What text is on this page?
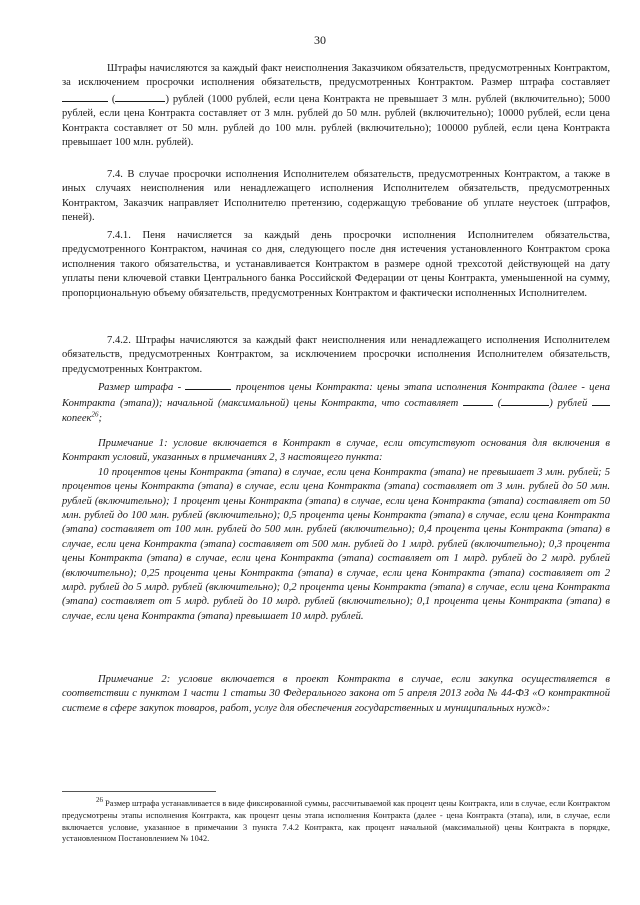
30

Штрафы начисляются за каждый факт неисполнения Заказчиком обязательств, предусмотренных Контрактом, за исключением просрочки исполнения обязательств, предусмотренных Контрактом. Размер штрафа составляет  (	) рублей (1000 рублей, если цена Контракта не превышает 3 млн. рублей (включительно); 5000 рублей, если цена Контракта составляет от 3 млн. рублей до 50 млн. рублей (включительно); 10000 рублей, если цена Контракта составляет от 50 млн. рублей до 100 млн. рублей (включительно); 100000 рублей, если цена Контракта превышает 100 млн. рублей).

7.4. В случае просрочки исполнения Исполнителем обязательств, предусмотренных Контрактом, а также в иных случаях неисполнения или ненадлежащего исполнения Исполнителем обязательств, предусмотренных Контрактом, Заказчик направляет Исполнителю претензию, содержащую требование об уплате неустоек (штрафов, пеней).

7.4.1. Пеня начисляется за каждый день просрочки исполнения Исполнителем обязательства, предусмотренного Контрактом, начиная со дня, следующего после дня истечения установленного Контрактом срока исполнения такого обязательства, и устанавливается Контрактом в размере одной трехсотой действующей на дату уплаты пени ключевой ставки Центрального банка Российской Федерации от цены Контракта, уменьшенной на сумму, пропорциональную объему обязательств, предусмотренных Контрактом и фактически исполненных Исполнителем.

7.4.2. Штрафы начисляются за каждый факт неисполнения или ненадлежащего исполнения Исполнителем обязательств, предусмотренных Контрактом, за исключением просрочки исполнения Исполнителем обязательств, предусмотренных Контрактом.

Размер штрафа -	процентов цены Контракта: цены этапа исполнения Контракта (далее - цена Контракта (этапа)); начальной (максимальной) цены Контракта, что составляет	(	) рублей  копеек$^{26}$;

Примечание 1: условие включается в Контракт в случае, если отсутствуют основания для включения в Контракт условий, указанных в примечаниях 2, 3 настоящего пункта:

10 процентов цены Контракта (этапа) в случае, если цена Контракта (этапа) не превышает 3 млн. рублей; 5 процентов цены Контракта (этапа) в случае, если цена Контракта (этапа) составляет от 3 млн. рублей до 50 млн. рублей (включительно); 1 процент цены Контракта (этапа) в случае, если цена Контракта (этапа) составляет от 50 млн. рублей до 100 млн. рублей (включительно); 0,5 процента цены Контракта (этапа) в случае, если цена Контракта (этапа) составляет от 100 млн. рублей до 500 млн. рублей (включительно); 0,4 процента цены Контракта (этапа) в случае, если цена Контракта (этапа) составляет от 500 млн. рублей до 1 млрд. рублей (включительно); 0,3 процента цены Контракта (этапа) в случае, если цена Контракта (этапа) составляет от 1 млрд. рублей до 2 млрд. рублей (включительно); 0,25 процента цены Контракта (этапа) в случае, если цена Контракта (этапа) составляет от 2 млрд. рублей до 5 млрд. рублей (включительно); 0,2 процента цены Контракта (этапа) в случае, если цена Контракта (этапа) составляет от 5 млрд. рублей до 10 млрд. рублей (включительно); 0,1 процента цены Контракта (этапа) в случае, если цена Контракта (этапа) превышает 10 млрд. рублей.

Примечание 2: условие включается в проект Контракта в случае, если закупка осуществляется в соответствии с пунктом 1 части 1 статьи 30 Федерального закона от 5 апреля 2013 года № 44-ФЗ «О контрактной системе в сфере закупок товаров, работ, услуг для обеспечения государственных и муниципальных нужд»:

$^{26}$ Размер штрафа устанавливается в виде фиксированной суммы, рассчитываемой как процент цены Контракта, или в случае, если Контрактом предусмотрены этапы исполнения Контракта, как процент цены этапа исполнения Контракта (далее - цена Контракта (этапа), или, в случае, если включается условие, указанное в примечании 3 пункта 7.4.2 Контракта, как процент начальной (максимальной) цены Контракта в порядке, установленном Постановлением № 1042.
